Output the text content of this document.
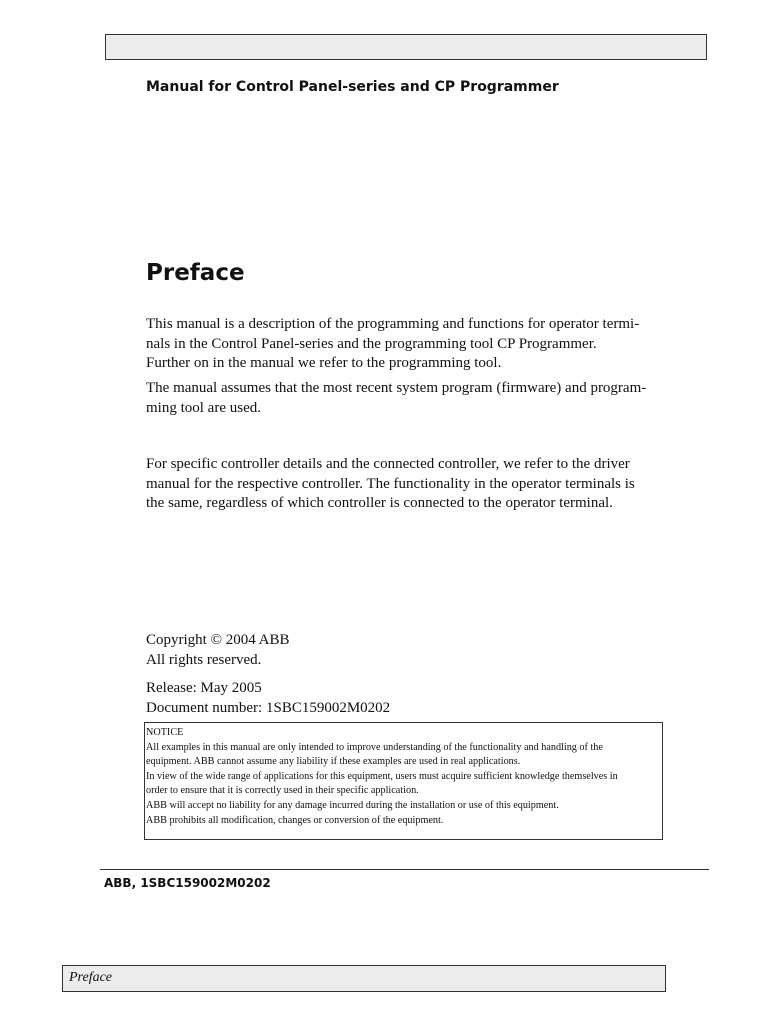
Manual for Control Panel-series and CP Programmer
Preface

This manual is a description of the programming and functions for operator termi-
nals in the Control Panel-series and the programming tool CP Programmer.
Further on in the manual we refer to the programming tool.

The manual assumes that the most recent system program (firmware) and program-
ming tool are used.

For specific controller details and the connected controller, we refer to the driver
manual for the respective controller. The functionality in the operator terminals is
the same, regardless of which controller is connected to the operator terminal.

Copyright © 2004 ABB
All rights reserved.
Release: May 2005
Document number: 1SBC159002M0202
NOTICE
All examples in this manual are only intended to improve understanding of the functionality and handling of the
equipment. ABB cannot assume any liability if these examples are used in real applications.
In view of the wide range of applications for this equipment, users must acquire sufficient knowledge themselves in
order to ensure that it is correctly used in their specific application.
ABB will accept no liability for any damage incurred during the installation or use of this equipment.
ABB prohibits all modification, changes or conversion of the equipment.
ABB, 1SBC159002M0202
Preface
